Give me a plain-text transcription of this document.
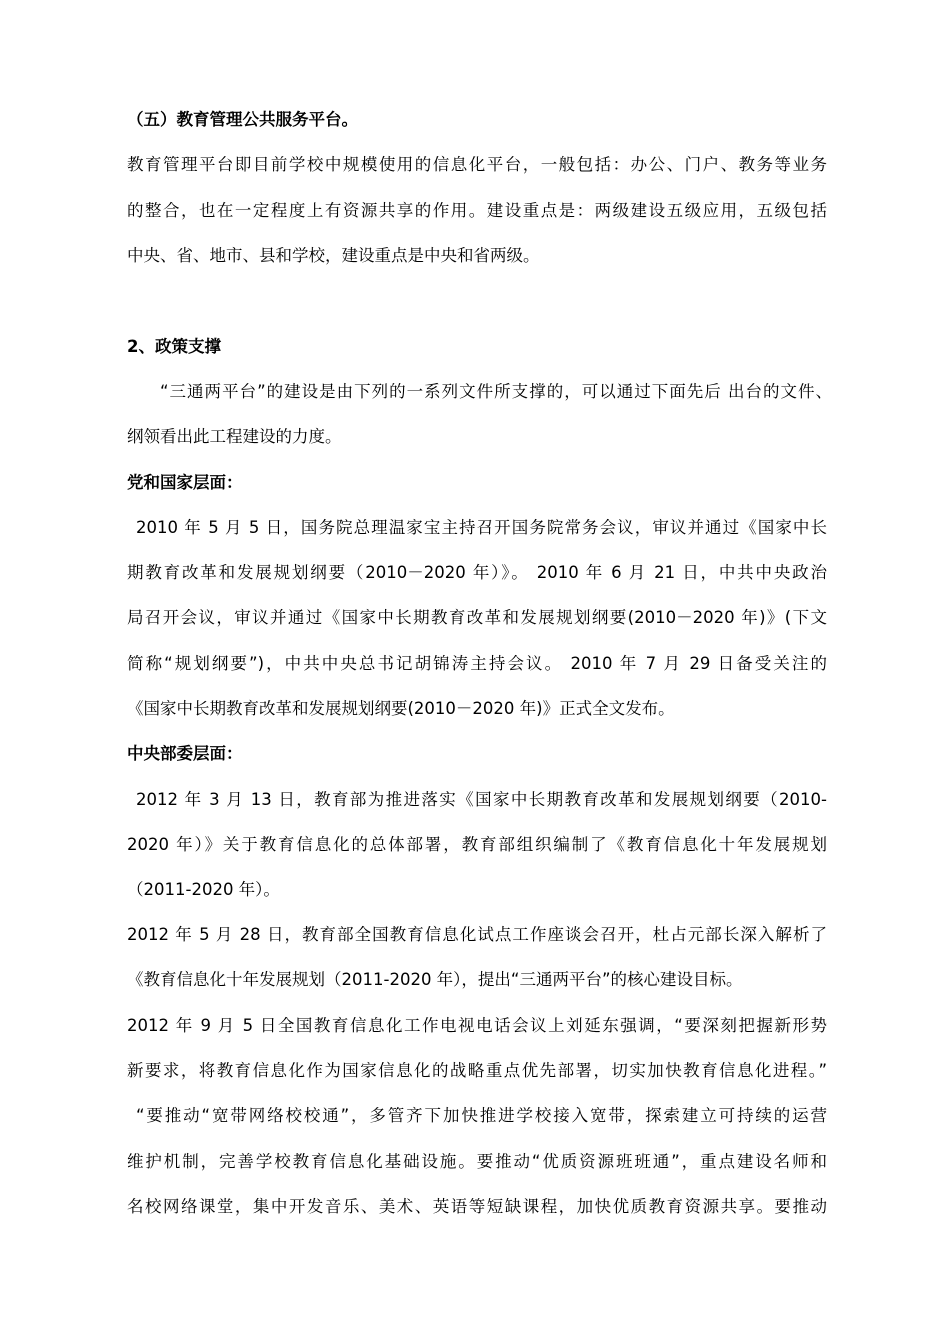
（五）教育管理公共服务平台。
教育管理平台即目前学校中规模使用的信息化平台，一般包括：办公、门户、教务等业务
的整合，也在一定程度上有资源共享的作用。建设重点是：两级建设五级应用，五级包括
中央、省、地市、县和学校，建设重点是中央和省两级。
2、政策支撑
“三通两平台”的建设是由下列的一系列文件所支撑的，可以通过下面先后 出台的文件、
纲领看出此工程建设的力度。
党和国家层面：
2010 年 5 月 5 日，国务院总理温家宝主持召开国务院常务会议，审议并通过《国家中长
期教育改革和发展规划纲要（2010－2020 年）》。 2010 年 6 月 21 日，中共中央政治
局召开会议，审议并通过《国家中长期教育改革和发展规划纲要(2010－2020 年)》(下文
简称“规划纲要”)，中共中央总书记胡锦涛主持会议。 2010 年 7 月 29 日备受关注的
《国家中长期教育改革和发展规划纲要(2010－2020 年)》正式全文发布。
中央部委层面：
2012 年 3 月 13 日，教育部为推进落实《国家中长期教育改革和发展规划纲要（2010-
2020 年）》关于教育信息化的总体部署，教育部组织编制了《教育信息化十年发展规划
（2011-2020 年）。
2012 年 5 月 28 日，教育部全国教育信息化试点工作座谈会召开，杜占元部长深入解析了
《教育信息化十年发展规划（2011-2020 年），提出“三通两平台”的核心建设目标。
2012 年 9 月 5 日全国教育信息化工作电视电话会议上刘延东强调，“要深刻把握新形势
新要求，将教育信息化作为国家信息化的战略重点优先部署，切实加快教育信息化进程。”
“要推动“宽带网络校校通”，多管齐下加快推进学校接入宽带，探索建立可持续的运营
维护机制，完善学校教育信息化基础设施。要推动“优质资源班班通”，重点建设名师和
名校网络课堂，集中开发音乐、美术、英语等短缺课程，加快优质教育资源共享。要推动
